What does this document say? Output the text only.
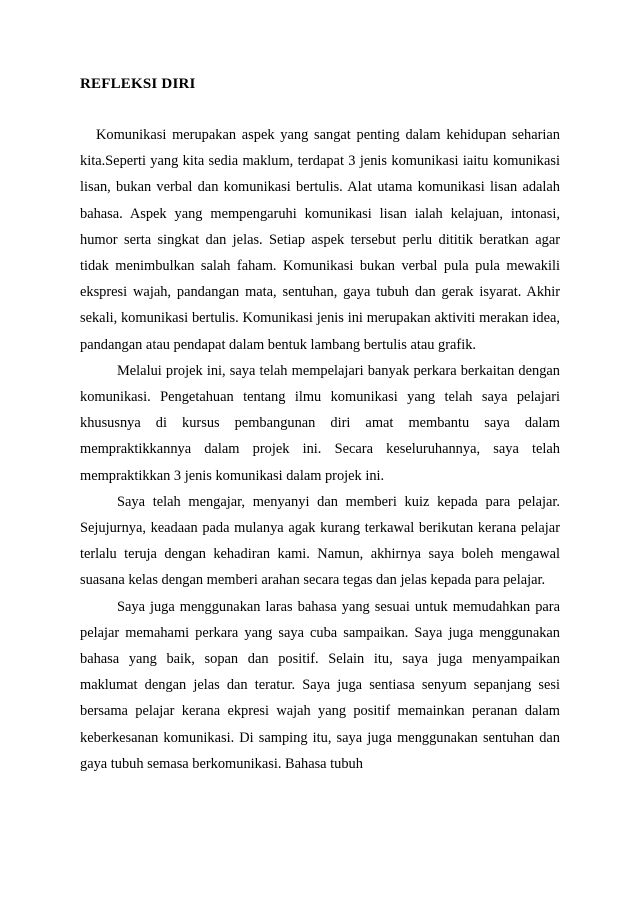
REFLEKSI DIRI

Komunikasi merupakan aspek yang sangat penting dalam kehidupan seharian kita.Seperti yang kita sedia maklum, terdapat 3 jenis komunikasi iaitu komunikasi lisan, bukan verbal dan komunikasi bertulis. Alat utama komunikasi lisan adalah bahasa. Aspek yang mempengaruhi komunikasi lisan ialah kelajuan, intonasi, humor serta singkat dan jelas. Setiap aspek tersebut perlu dititik beratkan agar tidak menimbulkan salah faham. Komunikasi bukan verbal pula pula mewakili ekspresi wajah, pandangan mata, sentuhan, gaya tubuh dan gerak isyarat. Akhir sekali, komunikasi bertulis. Komunikasi jenis ini merupakan aktiviti merakan idea, pandangan atau pendapat dalam bentuk lambang bertulis atau grafik.

Melalui projek ini, saya telah mempelajari banyak perkara berkaitan dengan komunikasi. Pengetahuan tentang ilmu komunikasi yang telah saya pelajari khususnya di kursus pembangunan diri amat membantu saya dalam mempraktikkannya dalam projek ini. Secara keseluruhannya, saya telah mempraktikkan 3 jenis komunikasi dalam projek ini.

Saya telah mengajar, menyanyi dan memberi kuiz kepada para pelajar. Sejujurnya, keadaan pada mulanya agak kurang terkawal berikutan kerana pelajar terlalu teruja dengan kehadiran kami. Namun, akhirnya saya boleh mengawal suasana kelas dengan memberi arahan secara tegas dan jelas kepada para pelajar.

Saya juga menggunakan laras bahasa yang sesuai untuk memudahkan para pelajar memahami perkara yang saya cuba sampaikan. Saya juga menggunakan bahasa yang baik, sopan dan positif. Selain itu, saya juga menyampaikan maklumat dengan jelas dan teratur. Saya juga sentiasa senyum sepanjang sesi bersama pelajar kerana ekpresi wajah yang positif memainkan peranan dalam keberkesanan komunikasi. Di samping itu, saya juga menggunakan sentuhan dan gaya tubuh semasa berkomunikasi. Bahasa tubuh
